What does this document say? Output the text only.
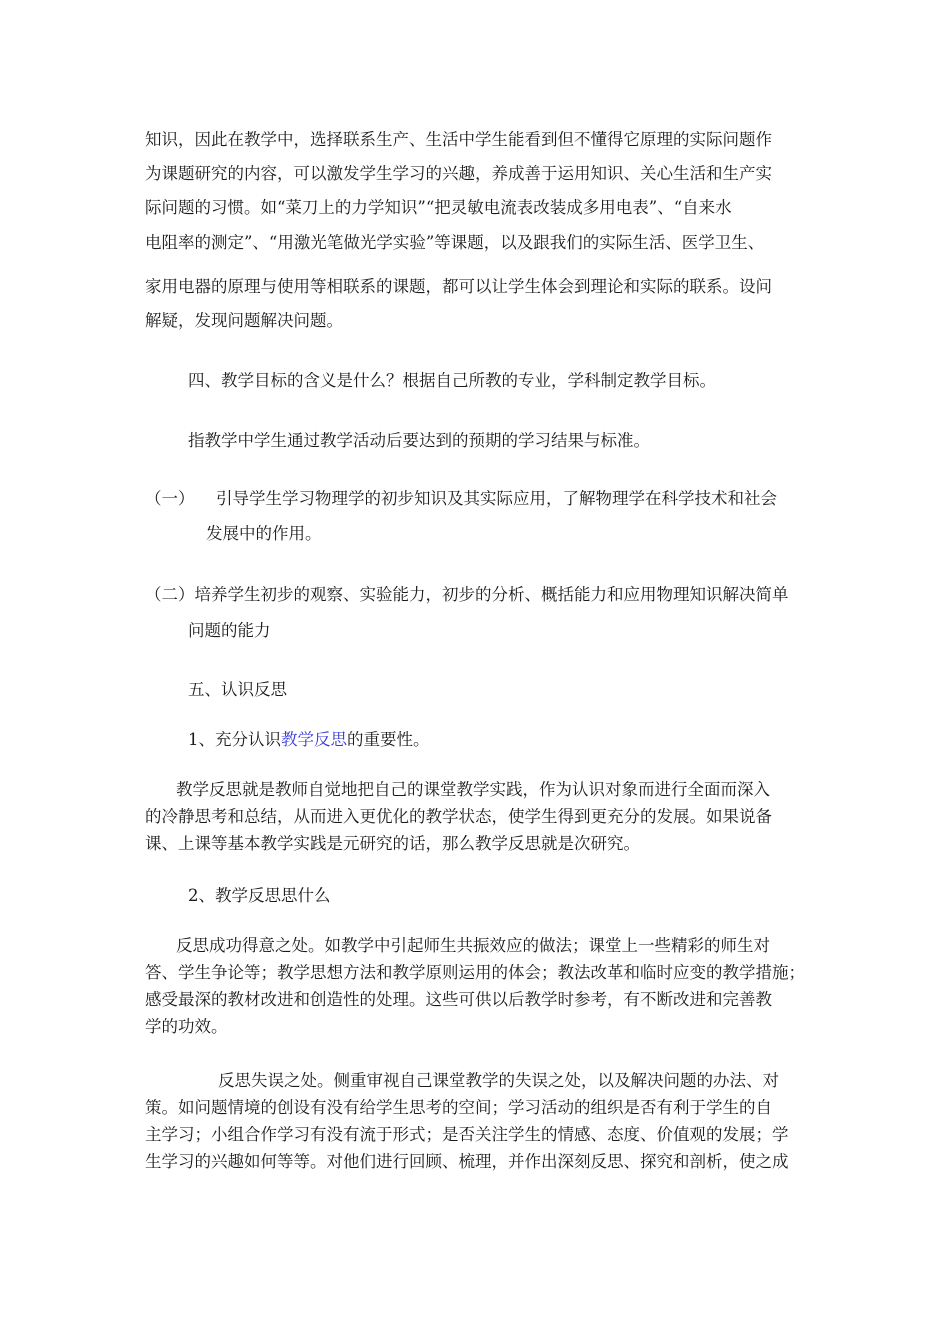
知识，因此在教学中，选择联系生产、生活中学生能看到但不懂得它原理的实际问题作
为课题研究的内容，可以激发学生学习的兴趣，养成善于运用知识、关心生活和生产实
际问题的习惯。如“菜刀上的力学知识”“把灵敏电流表改装成多用电表”、“自来水
电阻率的测定”、“用激光笔做光学实验”等课题，以及跟我们的实际生活、医学卫生、
家用电器的原理与使用等相联系的课题，都可以让学生体会到理论和实际的联系。设问
解疑，发现问题解决问题。
四、教学目标的含义是什么？根据自己所教的专业，学科制定教学目标。
指教学中学生通过教学活动后要达到的预期的学习结果与标准。
（一） 引导学生学习物理学的初步知识及其实际应用，了解物理学在科学技术和社会
发展中的作用。
（二）培养学生初步的观察、实验能力，初步的分析、概括能力和应用物理知识解决简单
问题的能力
五、认识反思
1、充分认识教学反思的重要性。
教学反思就是教师自觉地把自己的课堂教学实践，作为认识对象而进行全面而深入
的冷静思考和总结，从而进入更优化的教学状态，使学生得到更充分的发展。如果说备
课、上课等基本教学实践是元研究的话，那么教学反思就是次研究。
2、教学反思思什么
反思成功得意之处。如教学中引起师生共振效应的做法；课堂上一些精彩的师生对
答、学生争论等；教学思想方法和教学原则运用的体会；教法改革和临时应变的教学措施；
感受最深的教材改进和创造性的处理。这些可供以后教学时参考，有不断改进和完善教
学的功效。
反思失误之处。侧重审视自己课堂教学的失误之处，以及解决问题的办法、对
策。如问题情境的创设有没有给学生思考的空间；学习活动的组织是否有利于学生的自
主学习；小组合作学习有没有流于形式；是否关注学生的情感、态度、价值观的发展；学
生学习的兴趣如何等等。对他们进行回顾、梳理，并作出深刻反思、探究和剖析，使之成
